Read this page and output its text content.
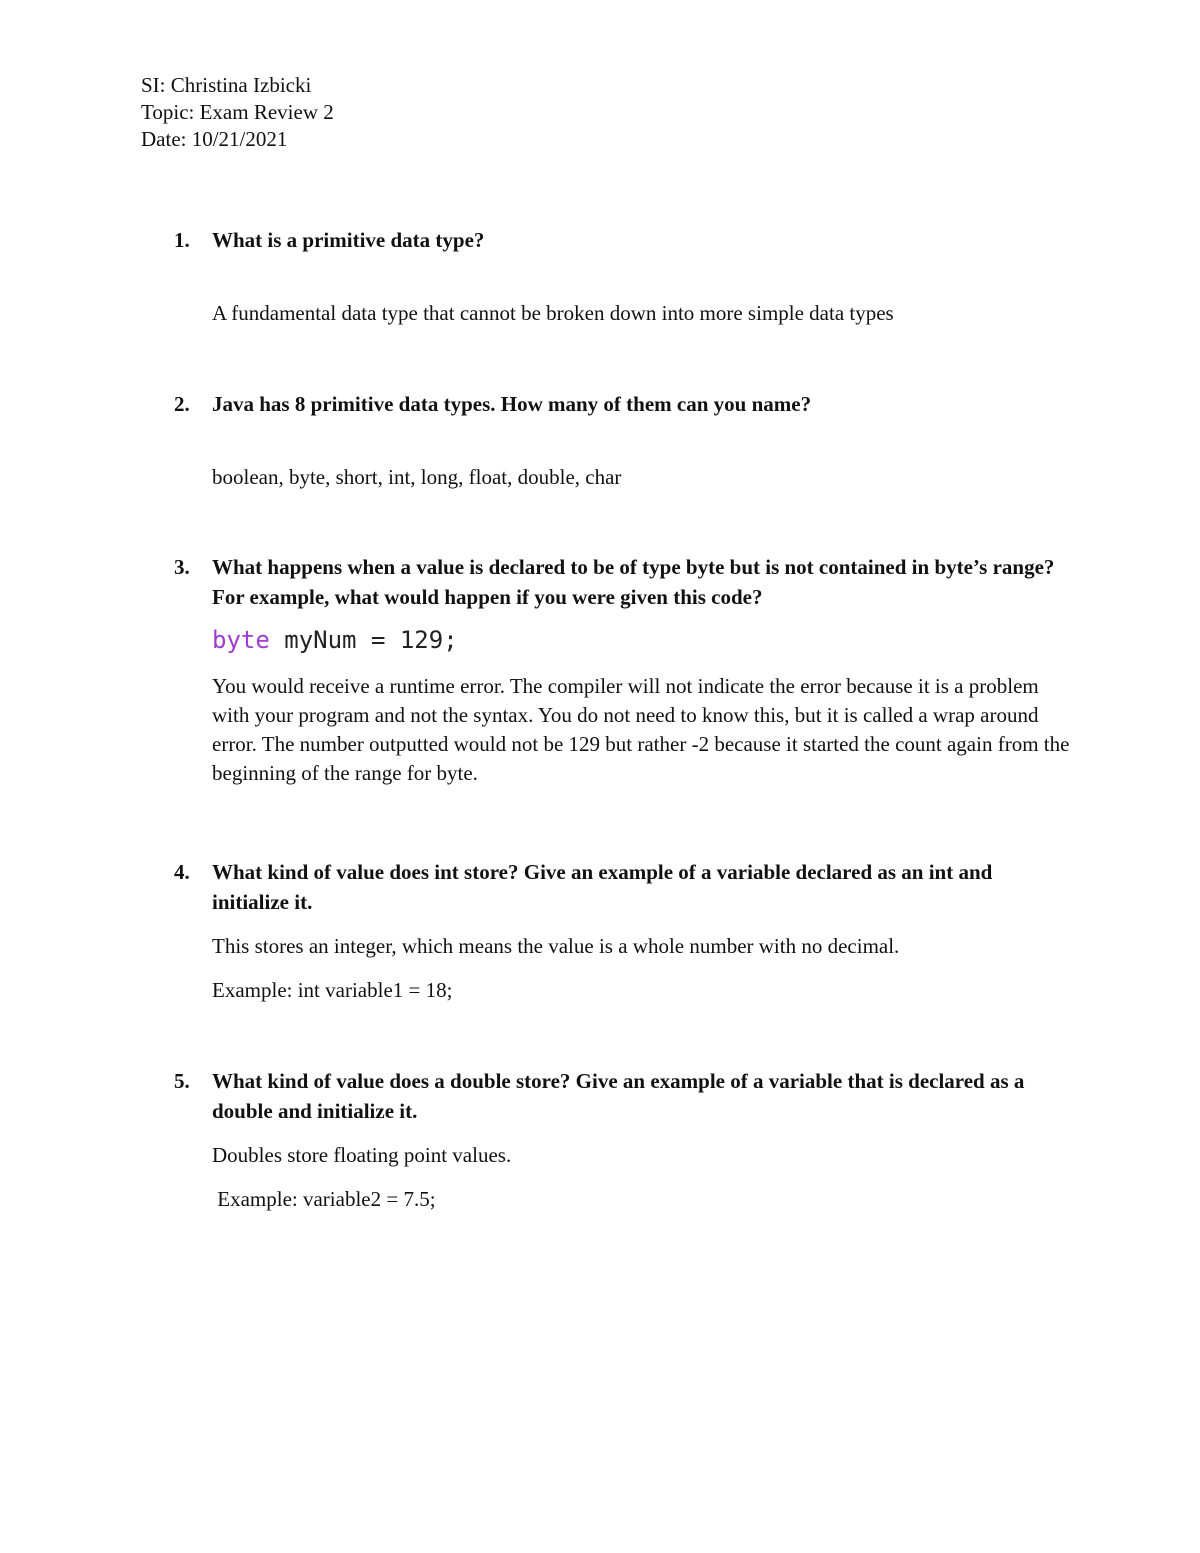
SI: Christina Izbicki
Topic: Exam Review 2
Date: 10/21/2021
1.	What is a primitive data type?
A fundamental data type that cannot be broken down into more simple data types
2.	Java has 8 primitive data types. How many of them can you name?
boolean, byte, short, int, long, float, double, char
3.	What happens when a value is declared to be of type byte but is not contained in byte’s range? For example, what would happen if you were given this code?
byte myNum = 129;
You would receive a runtime error. The compiler will not indicate the error because it is a problem with your program and not the syntax. You do not need to know this, but it is called a wrap around error. The number outputted would not be 129 but rather -2 because it started the count again from the beginning of the range for byte.
4.	What kind of value does int store? Give an example of a variable declared as an int and initialize it.
This stores an integer, which means the value is a whole number with no decimal.
Example: int variable1 = 18;
5.	What kind of value does a double store? Give an example of a variable that is declared as a double and initialize it.
Doubles store floating point values.
Example: variable2 = 7.5;
